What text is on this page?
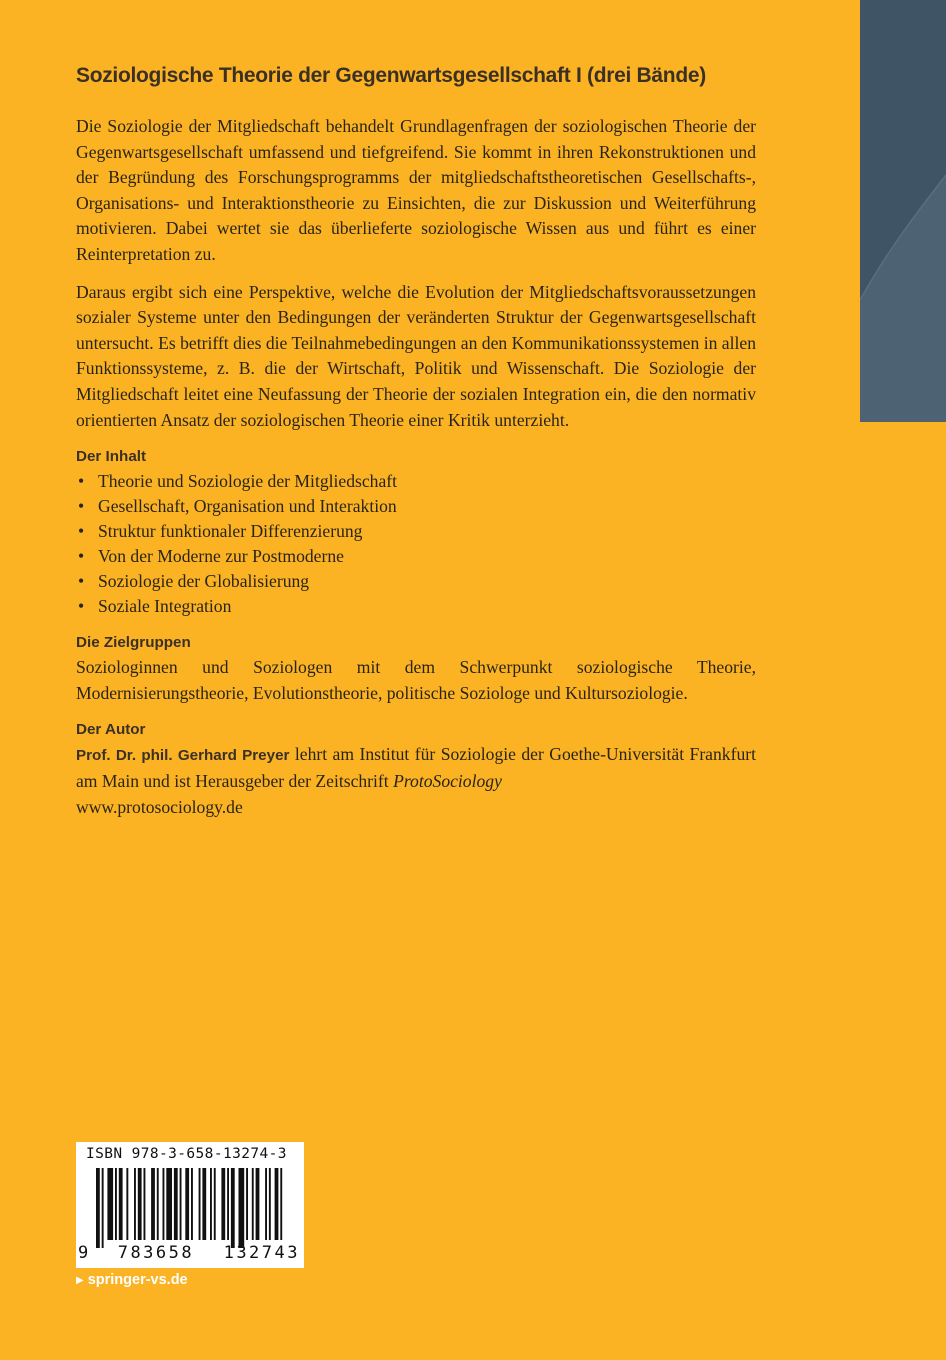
Soziologische Theorie der Gegenwartsgesellschaft I (drei Bände)

Die Soziologie der Mitgliedschaft behandelt Grundlagenfragen der soziologischen Theorie der Gegenwartsgesellschaft umfassend und tiefgreifend. Sie kommt in ihren Rekonstruktionen und der Begründung des Forschungsprogramms der mitgliedschaftstheoretischen Gesellschafts-, Organisations- und Interaktionstheorie zu Einsichten, die zur Diskussion und Weiterführung motivieren. Dabei wertet sie das überlieferte soziologische Wissen aus und führt es einer Reinterpretation zu.

Daraus ergibt sich eine Perspektive, welche die Evolution der Mitgliedschaftsvoraussetzungen sozialer Systeme unter den Bedingungen der veränderten Struktur der Gegenwartsgesellschaft untersucht. Es betrifft dies die Teilnahmebedingungen an den Kommunikationssystemen in allen Funktionssysteme, z. B. die der Wirtschaft, Politik und Wissenschaft. Die Soziologie der Mitgliedschaft leitet eine Neufassung der Theorie der sozialen Integration ein, die den normativ orientierten Ansatz der soziologischen Theorie einer Kritik unterzieht.

Der Inhalt
• Theorie und Soziologie der Mitgliedschaft
• Gesellschaft, Organisation und Interaktion
• Struktur funktionaler Differenzierung
• Von der Moderne zur Postmoderne
• Soziologie der Globalisierung
• Soziale Integration
Die Zielgruppen

Soziologinnen und Soziologen mit dem Schwerpunkt soziologische Theorie, Modernisierungstheorie, Evolutionstheorie, politische Soziologe und Kultursoziologie.

Der Autor

Prof. Dr. phil. Gerhard Preyer lehrt am Institut für Soziologie der Goethe-Universität Frankfurt am Main und ist Herausgeber der Zeitschrift ProtoSociology
www.protosociology.de

ISBN 978-3-658-13274-3
9 783658 132743
▶ springer-vs.de
